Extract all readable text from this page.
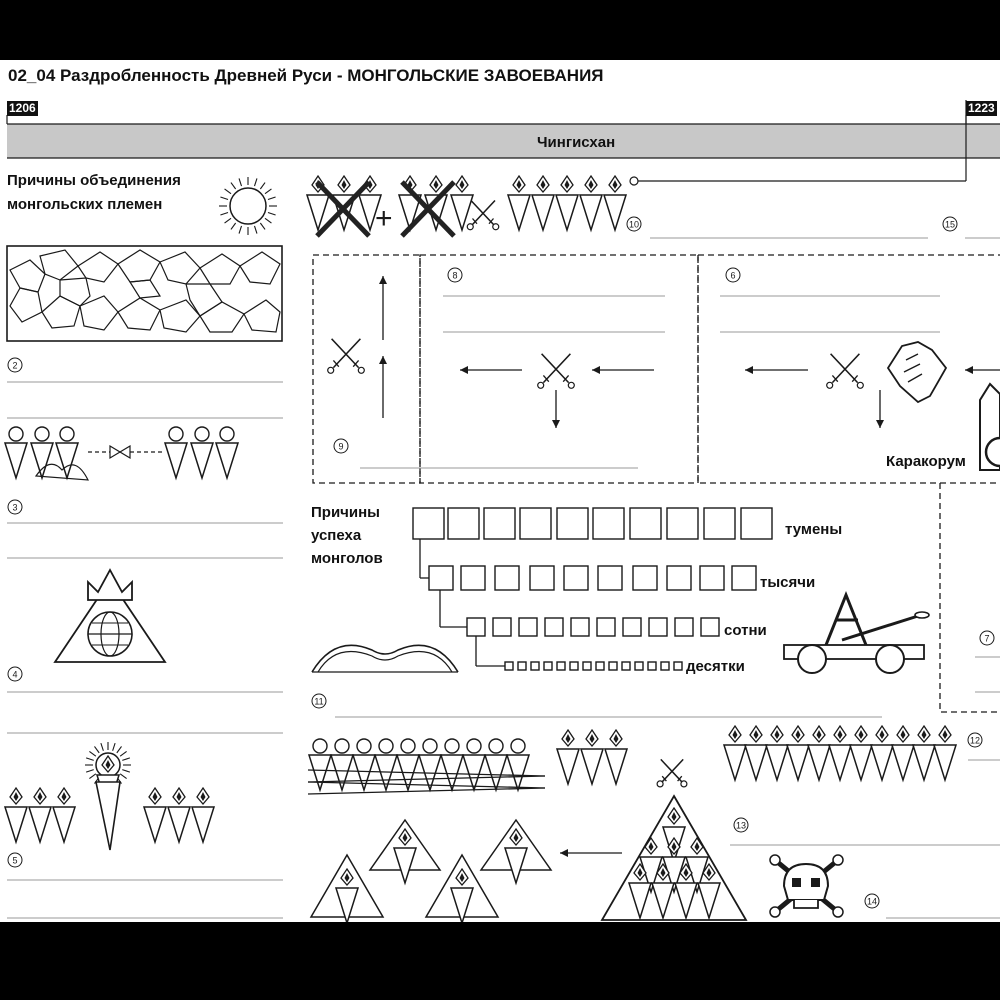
2
3
4
5
+	10	15
9
8	6
7
11
12
13
14
02_04 Раздробленность Древней Руси - МОНГОЛЬСКИЕ ЗАВОЕВАНИЯ
1206	1223
Чингисхан
Причины объединения
монгольских племен
Каракорум
Причины
успеха
монголов
тумены
тысячи
сотни
десятки
